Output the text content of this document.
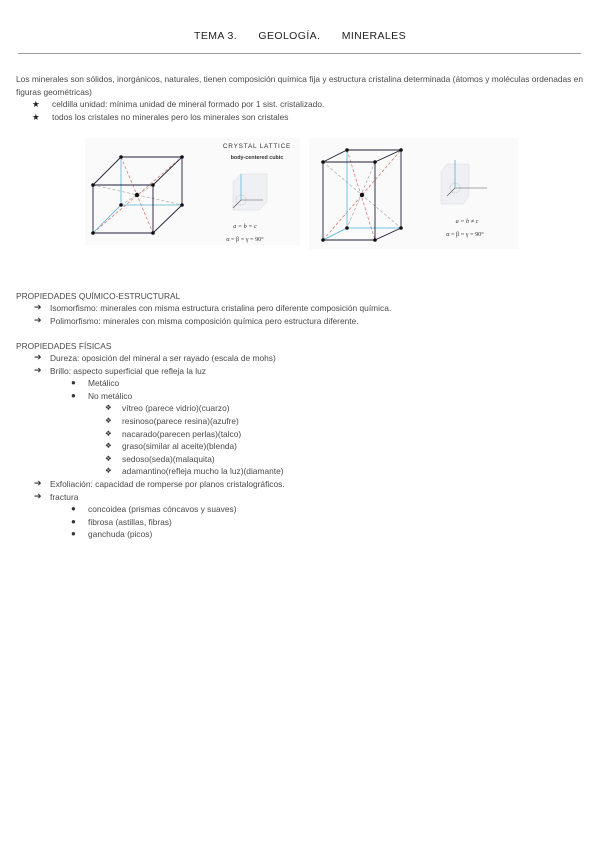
TEMA 3. GEOLOGÍA. MINERALES
Los minerales son sólidos, inorgánicos, naturales, tienen composición química fija y estructura cristalina determinada (átomos y moléculas ordenadas en figuras geométricas)
★ celdilla unidad: mínima unidad de mineral formado por 1 sist. cristalizado.
★ todos los cristales no minerales pero los minerales son cristales
CRYSTAL LATTICE
body-centered cubic
a = b = c
α = β = γ = 90°
a = b ≠ c
α = β = γ = 90°
PROPIEDADES QUÍMICO-ESTRUCTURAL
➔ Isomorfismo: minerales con misma estructura cristalina pero diferente composición química.
➔ Polimorfismo: minerales con misma composición química pero estructura diferente.
PROPIEDADES FÍSICAS
➔ Dureza: oposición del mineral a ser rayado (escala de mohs)
➔ Brillo: aspecto superficial que refleja la luz
● Metálico
● No metálico
❖ vítreo (parece vidrio)(cuarzo)
❖ resinoso(parece resina)(azufre)
❖ nacarado(parecen perlas)(talco)
❖ graso(similar al aceite)(blenda)
❖ sedoso(seda)(malaquita)
❖ adamantino(refleja mucho la luz)(diamante)
➔ Exfoliación: capacidad de romperse por planos cristalográficos.
➔ fractura
● concoidea (prismas cóncavos y suaves)
● fibrosa (astillas, fibras)
● ganchuda (picos)
